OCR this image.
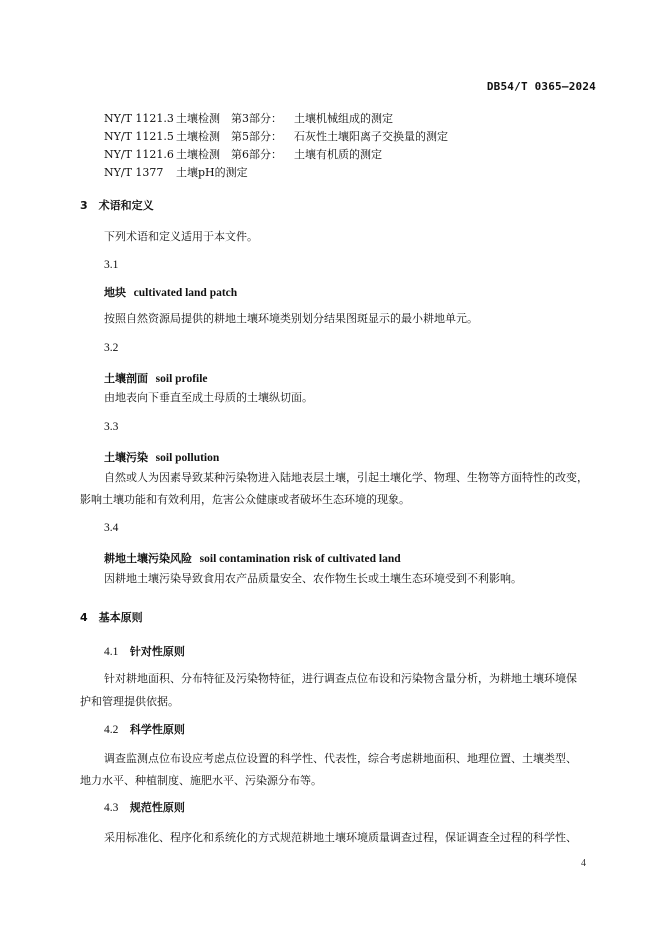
DB54/T 0365—2024
NY/T 1121.3 土壤检测　第3部分： 土壤机械组成的测定
NY/T 1121.5 土壤检测　第5部分： 石灰性土壤阳离子交换量的测定
NY/T 1121.6 土壤检测　第6部分： 土壤有机质的测定
NY/T 1377 土壤pH的测定
3　术语和定义
下列术语和定义适用于本文件。
3.1
地块 cultivated land patch
按照自然资源局提供的耕地土壤环境类别划分结果图斑显示的最小耕地单元。
3.2
土壤剖面 soil profile
由地表向下垂直至成土母质的土壤纵切面。
3.3
土壤污染 soil pollution
自然或人为因素导致某种污染物进入陆地表层土壤，引起土壤化学、物理、生物等方面特性的改变，
影响土壤功能和有效利用，危害公众健康或者破坏生态环境的现象。
3.4
耕地土壤污染风险 soil contamination risk of cultivated land
因耕地土壤污染导致食用农产品质量安全、农作物生长或土壤生态环境受到不利影响。
4　基本原则
4.1 针对性原则
针对耕地面积、分布特征及污染物特征，进行调查点位布设和污染物含量分析，为耕地土壤环境保
护和管理提供依据。
4.2 科学性原则
调查监测点位布设应考虑点位设置的科学性、代表性，综合考虑耕地面积、地理位置、土壤类型、
地力水平、种植制度、施肥水平、污染源分布等。
4.3 规范性原则
采用标准化、程序化和系统化的方式规范耕地土壤环境质量调查过程，保证调查全过程的科学性、
4
